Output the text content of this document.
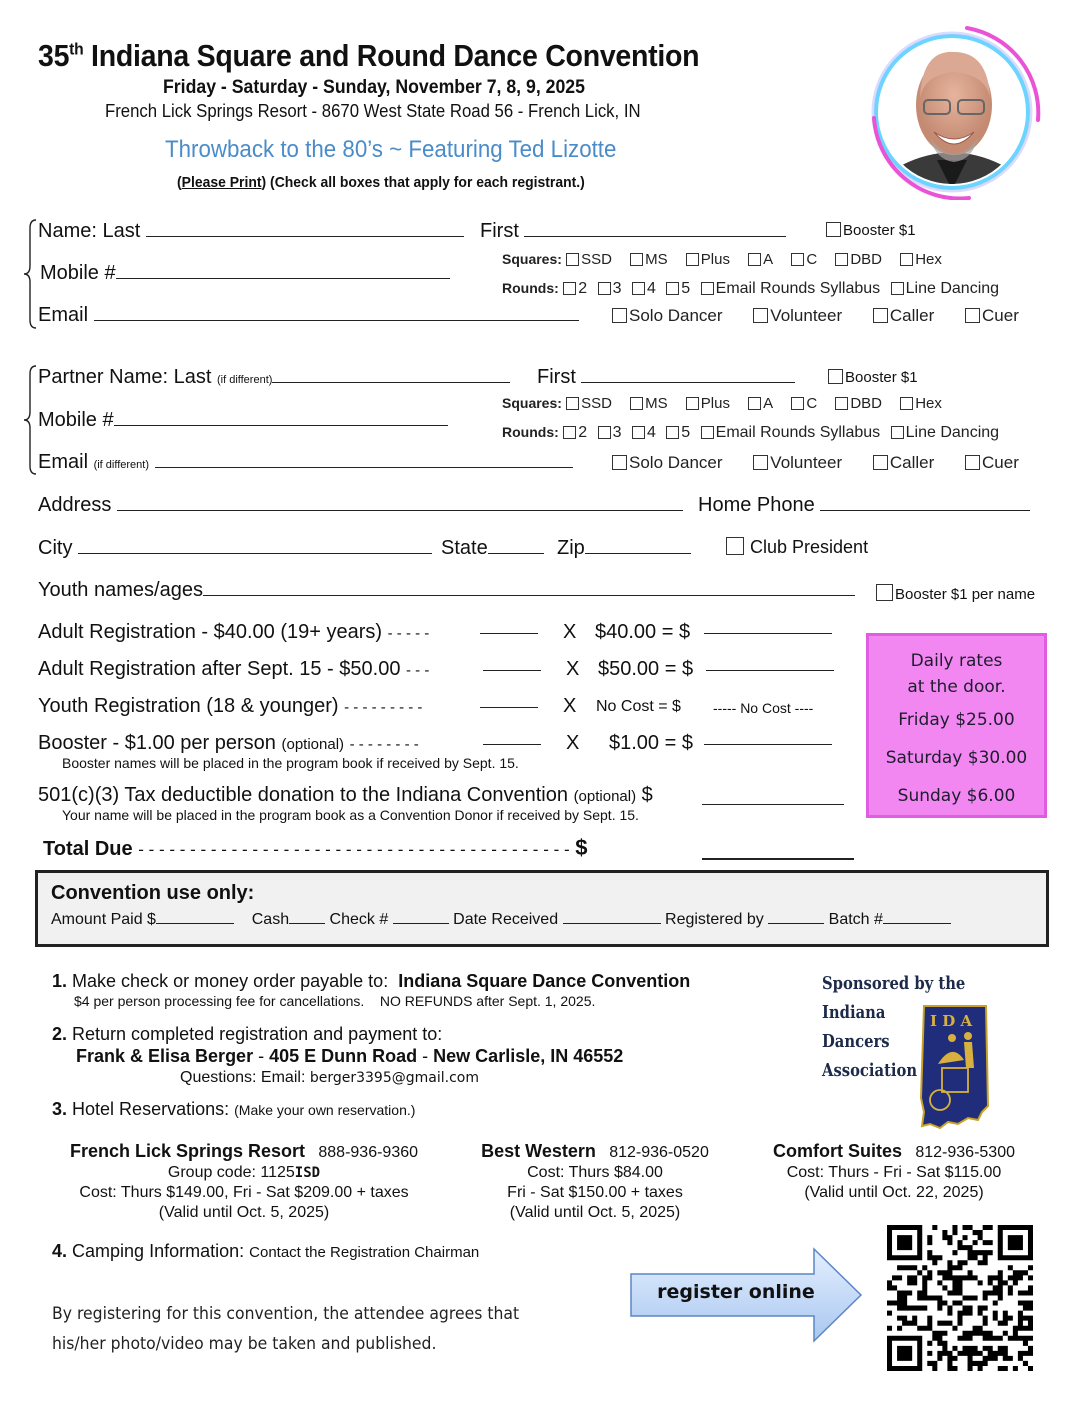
35th Indiana Square and Round Dance Convention
Friday - Saturday - Sunday, November 7, 8, 9, 2025
French Lick Springs Resort - 8670 West State Road 56 - French Lick, IN
Throwback to the 80’s ~ Featuring Ted Lizotte
(Please Print) (Check all boxes that apply for each registrant.)
Name: Last	First	Booster $1
Mobile #
Email
Squares: SSD MS Plus A C DBD Hex
Rounds: 2 3 4 5 Email Rounds Syllabus Line Dancing
Solo Dancer	Volunteer	Caller	Cuer
Partner Name: Last (if different)	First	Booster $1
Mobile #
Email (if different)
Squares: SSD MS Plus A C DBD Hex
Rounds: 2 3 4 5 Email Rounds Syllabus Line Dancing
Solo Dancer	Volunteer	Caller	Cuer
Address	Home Phone
City	State	Zip	Club President
Youth names/ages	Booster $1 per name
Adult Registration - $40.00 (19+ years) - - - - -	X $40.00 = $
Adult Registration after Sept. 15 - $50.00 - - -	X $50.00 = $
Youth Registration (18 & younger) - - - - - - - - -	X No Cost = $ ----- No Cost ----
Booster - $1.00 per person (optional) - - - - - - - -	X $1.00 = $
Booster names will be placed in the program book if received by Sept. 15.
501(c)(3) Tax deductible donation to the Indiana Convention (optional) $
Your name will be placed in the program book as a Convention Donor if received by Sept. 15.
Total Due - - - - - - - - - - - - - - - - - - - - - - - - - - - - - - - - - - - - - - - - - - $
Daily rates
at the door.
Friday $25.00
Saturday $30.00
Sunday $6.00
Convention use only:
Amount Paid $	Cash	Check #	Date Received	Registered by	Batch #
1. Make check or money order payable to: Indiana Square Dance Convention
$4 per person processing fee for cancellations. NO REFUNDS after Sept. 1, 2025.
2. Return completed registration and payment to:
Frank & Elisa Berger - 405 E Dunn Road - New Carlisle, IN 46552
Questions: Email: berger3395@gmail.com
3. Hotel Reservations: (Make your own reservation.)
Sponsored by the
Indiana
Dancers
Association
I D A
French Lick Springs Resort 888-936-9360
Group code: 1125ISD
Cost: Thurs $149.00, Fri - Sat $209.00 + taxes
(Valid until Oct. 5, 2025)
Best Western 812-936-0520
Cost: Thurs $84.00
Fri - Sat $150.00 + taxes
(Valid until Oct. 5, 2025)
Comfort Suites 812-936-5300
Cost: Thurs - Fri - Sat $115.00
(Valid until Oct. 22, 2025)
4. Camping Information: Contact the Registration Chairman
By registering for this convention, the attendee agrees that
his/her photo/video may be taken and published.
register online
